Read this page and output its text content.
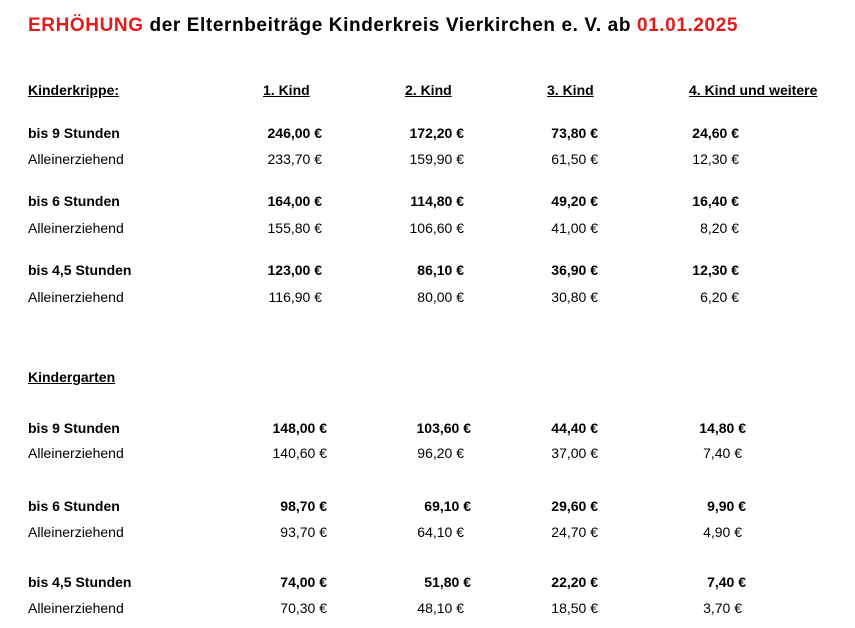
ERHÖHUNG der Elternbeiträge Kinderkreis Vierkirchen e. V. ab 01.01.2025
Kinderkrippe:	1. Kind	2. Kind	3. Kind	4. Kind und weitere
Kindergarten
bis 9 Stunden	246,00 €	172,20 €	73,80 €	24,60 €
Alleinerziehend	233,70 €	159,90 €	61,50 €	12,30 €
bis 6 Stunden	164,00 €	114,80 €	49,20 €	16,40 €
Alleinerziehend	155,80 €	106,60 €	41,00 €	8,20 €
bis 4,5 Stunden	123,00 €	86,10 €	36,90 €	12,30 €
Alleinerziehend	116,90 €	80,00 €	30,80 €	6,20 €
bis 9 Stunden	148,00 €	103,60 €	44,40 €	14,80 €
Alleinerziehend	140,60 €	96,20 €	37,00 €	7,40 €
bis 6 Stunden	98,70 €	69,10 €	29,60 €	9,90 €
Alleinerziehend	93,70 €	64,10 €	24,70 €	4,90 €
bis 4,5 Stunden	74,00 €	51,80 €	22,20 €	7,40 €
Alleinerziehend	70,30 €	48,10 €	18,50 €	3,70 €
